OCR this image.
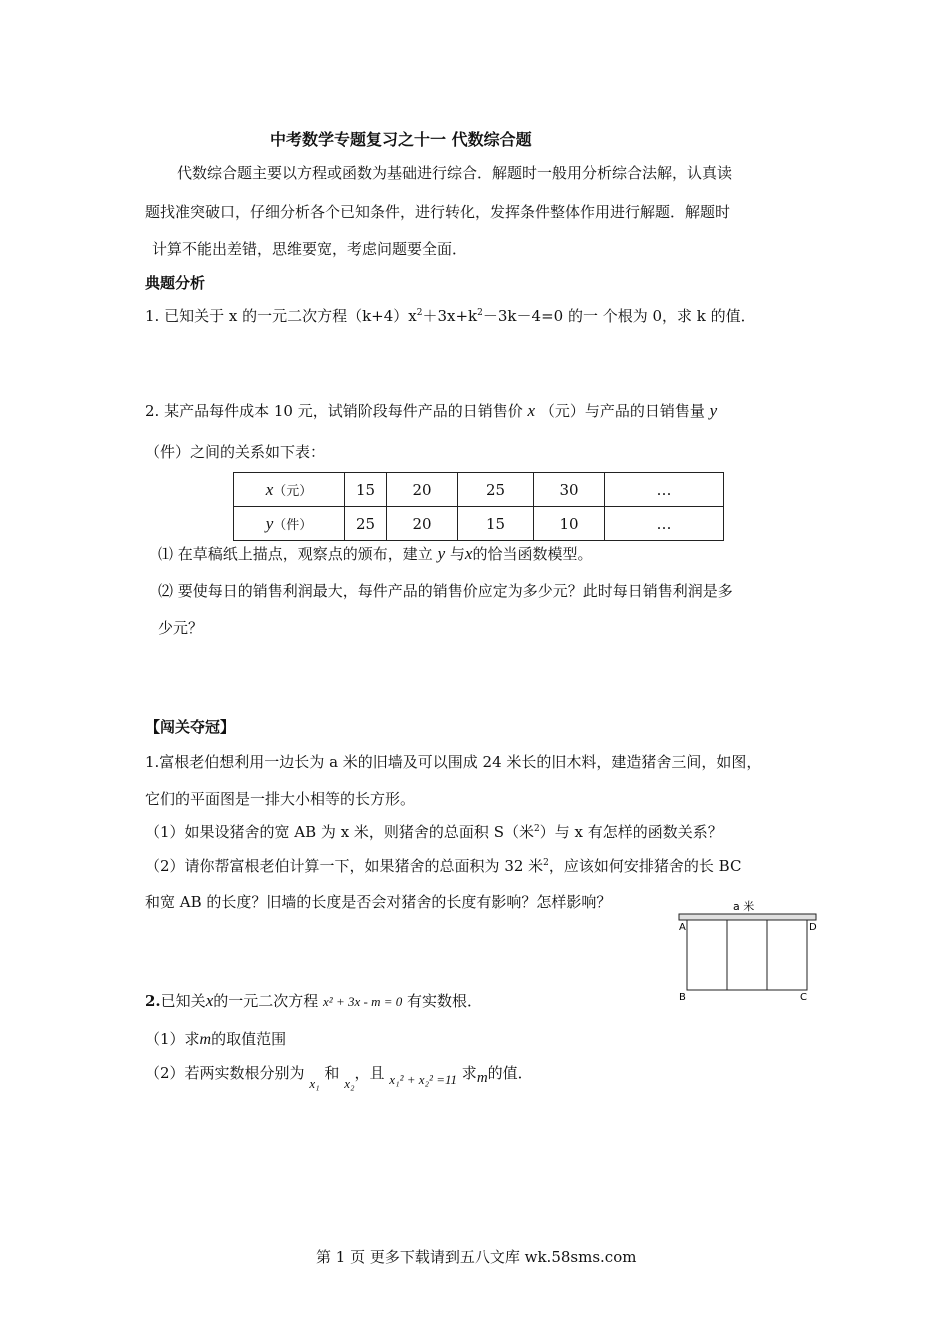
中考数学专题复习之十一 代数综合题
代数综合题主要以方程或函数为基础进行综合．解题时一般用分析综合法解，认真读
题找准突破口，仔细分析各个已知条件，进行转化，发挥条件整体作用进行解题．解题时
计算不能出差错，思维要宽，考虑问题要全面．
典题分析
1. 已知关于 x 的一元二次方程$(k+4)x^2+3x+k^2-3k-4=0$ 的一 个根为 0，求 k 的值．
2. 某产品每件成本 10 元，试销阶段每件产品的日销售价 x （元）与产品的日销售量 y
（件）之间的关系如下表：
x（元）	15	20	25	30	…
y（件）	25	20	15	10	…
⑴ 在草稿纸上描点，观察点的颁布，建立 y 与x的恰当函数模型。
⑵ 要使每日的销售利润最大，每件产品的销售价应定为多少元？此时每日销售利润是多
少元？
【闯关夺冠】
1.富根老伯想利用一边长为 a 米的旧墙及可以围成 24 米长的旧木料，建造猪舍三间，如图，
它们的平面图是一排大小相等的长方形。
（1）如果设猪舍的宽 AB 为 x 米，则猪舍的总面积 S（米$^2$）与 x 有怎样的函数关系？
（2）请你帮富根老伯计算一下，如果猪舍的总面积为 32 米$^2$，应该如何安排猪舍的长 BC
和宽 AB 的长度？旧墙的长度是否会对猪舍的长度有影响？怎样影响？	a 米
A	D
B	C
2.已知关x的一元二次方程 x² + 3x - m = 0 有实数根．
（1）求m的取值范围
（2）若两实数根分别为 x₁ 和 x₂，且 x₁² + x₂² =11 求m的值．
第 1 页 更多下载请到五八文库 wk.58sms.com
